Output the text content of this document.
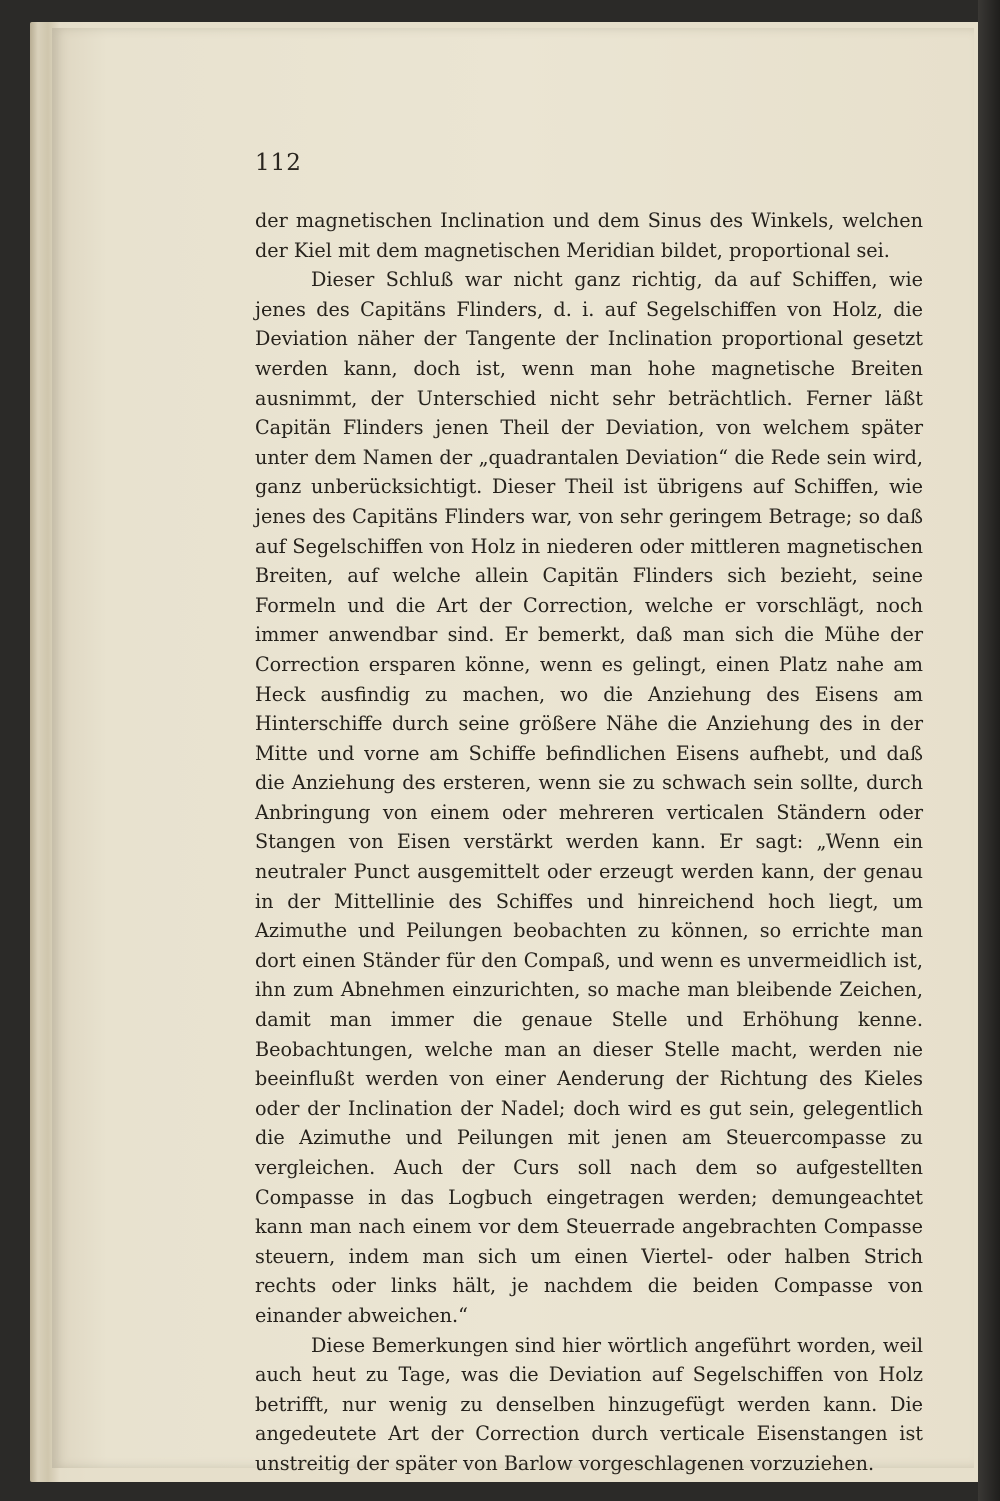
112

der magnetischen Inclination und dem Sinus des Winkels, welchen der Kiel mit dem magnetischen Meridian bildet, proportional sei.

Dieser Schluß war nicht ganz richtig, da auf Schiffen, wie jenes des Capitäns Flinders, d. i. auf Segelschiffen von Holz, die Deviation näher der Tangente der Inclination proportional gesetzt werden kann, doch ist, wenn man hohe magnetische Breiten ausnimmt, der Unterschied nicht sehr beträchtlich. Ferner läßt Capitän Flinders jenen Theil der Deviation, von welchem später unter dem Namen der „quadrantalen Deviation“ die Rede sein wird, ganz unberücksichtigt. Dieser Theil ist übrigens auf Schiffen, wie jenes des Capitäns Flinders war, von sehr geringem Betrage; so daß auf Segelschiffen von Holz in niederen oder mittleren magnetischen Breiten, auf welche allein Capitän Flinders sich bezieht, seine Formeln und die Art der Correction, welche er vorschlägt, noch immer anwendbar sind. Er bemerkt, daß man sich die Mühe der Correction ersparen könne, wenn es gelingt, einen Platz nahe am Heck ausfindig zu machen, wo die Anziehung des Eisens am Hinterschiffe durch seine größere Nähe die Anziehung des in der Mitte und vorne am Schiffe befindlichen Eisens aufhebt, und daß die Anziehung des ersteren, wenn sie zu schwach sein sollte, durch Anbringung von einem oder mehreren verticalen Ständern oder Stangen von Eisen verstärkt werden kann. Er sagt: „Wenn ein neutraler Punct ausgemittelt oder erzeugt werden kann, der genau in der Mittellinie des Schiffes und hinreichend hoch liegt, um Azimuthe und Peilungen beobachten zu können, so errichte man dort einen Ständer für den Compaß, und wenn es unvermeidlich ist, ihn zum Abnehmen einzurichten, so mache man bleibende Zeichen, damit man immer die genaue Stelle und Erhöhung kenne. Beobachtungen, welche man an dieser Stelle macht, werden nie beeinflußt werden von einer Aenderung der Richtung des Kieles oder der Inclination der Nadel; doch wird es gut sein, gelegentlich die Azimuthe und Peilungen mit jenen am Steuercompasse zu vergleichen. Auch der Curs soll nach dem so aufgestellten Compasse in das Logbuch eingetragen werden; demungeachtet kann man nach einem vor dem Steuerrade angebrachten Compasse steuern, indem man sich um einen Viertel- oder halben Strich rechts oder links hält, je nachdem die beiden Compasse von einander abweichen.“

Diese Bemerkungen sind hier wörtlich angeführt worden, weil auch heut zu Tage, was die Deviation auf Segelschiffen von Holz betrifft, nur wenig zu denselben hinzugefügt werden kann. Die angedeutete Art der Correction durch verticale Eisenstangen ist unstreitig der später von Barlow vorgeschlagenen vorzuziehen.
